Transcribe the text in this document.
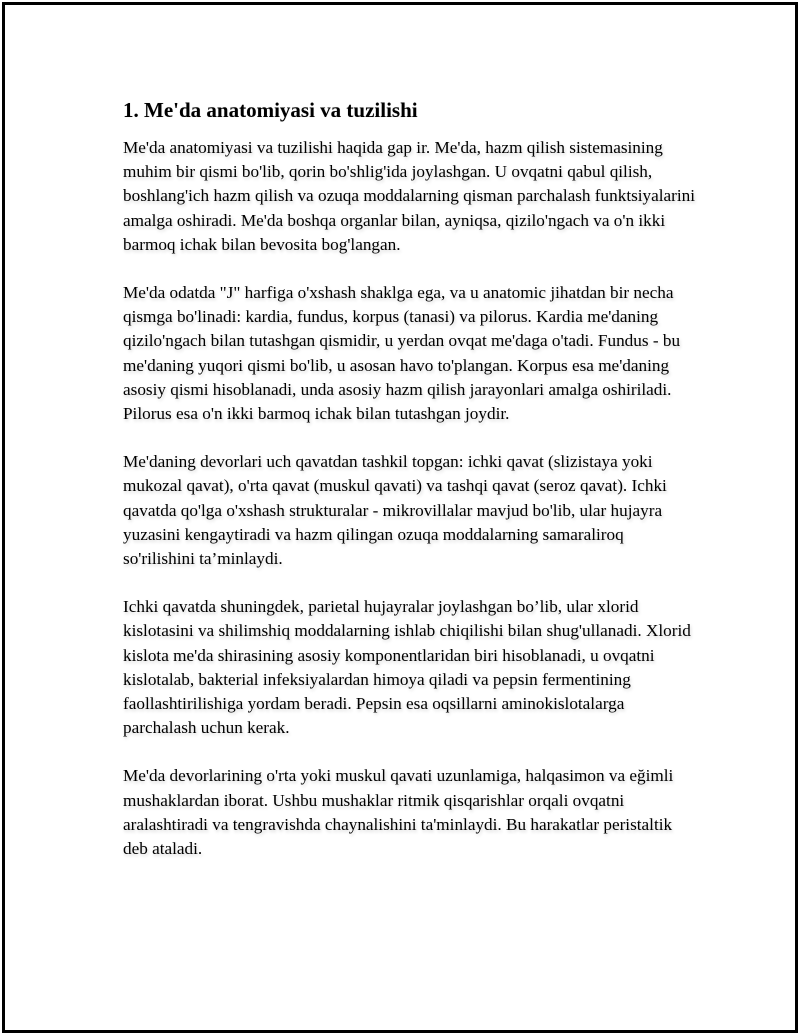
1. Me'da anatomiyasi va tuzilishi

Me'da anatomiyasi va tuzilishi haqida gap ir. Me'da, hazm qilish sistemasining muhim bir qismi bo'lib, qorin bo'shlig'ida joylashgan. U ovqatni qabul qilish, boshlang'ich hazm qilish va ozuqa moddalarning qisman parchalash funktsiyalarini amalga oshiradi. Me'da boshqa organlar bilan, ayniqsa, qizilo'ngach va o'n ikki barmoq ichak bilan bevosita bog'langan.

Me'da odatda "J" harfiga o'xshash shaklga ega, va u anatomic jihatdan bir necha qismga bo'linadi: kardia, fundus, korpus (tanasi) va pilorus. Kardia me'daning qizilo'ngach bilan tutashgan qismidir, u yerdan ovqat me'daga o'tadi. Fundus - bu me'daning yuqori qismi bo'lib, u asosan havo to'plangan. Korpus esa me'daning asosiy qismi hisoblanadi, unda asosiy hazm qilish jarayonlari amalga oshiriladi. Pilorus esa o'n ikki barmoq ichak bilan tutashgan joydir.

Me'daning devorlari uch qavatdan tashkil topgan: ichki qavat (slizistaya yoki mukozal qavat), o'rta qavat (muskul qavati) va tashqi qavat (seroz qavat). Ichki qavatda qo'lga o'xshash strukturalar - mikrovillalar mavjud bo'lib, ular hujayra yuzasini kengaytiradi va hazm qilingan ozuqa moddalarning samaraliroq so'rilishini ta’minlaydi.

Ichki qavatda shuningdek, parietal hujayralar joylashgan bo’lib, ular xlorid kislotasini va shilimshiq moddalarning ishlab chiqilishi bilan shug'ullanadi. Xlorid kislota me'da shirasining asosiy komponentlaridan biri hisoblanadi, u ovqatni kislotalab, bakterial infeksiyalardan himoya qiladi va pepsin fermentining faollashtirilishiga yordam beradi. Pepsin esa oqsillarni aminokislotalarga parchalash uchun kerak.

Me'da devorlarining o'rta yoki muskul qavati uzunlamiga, halqasimon va eğimli mushaklardan iborat. Ushbu mushaklar ritmik qisqarishlar orqali ovqatni aralashtiradi va tengravishda chaynalishini ta'minlaydi. Bu harakatlar peristaltik deb ataladi.
